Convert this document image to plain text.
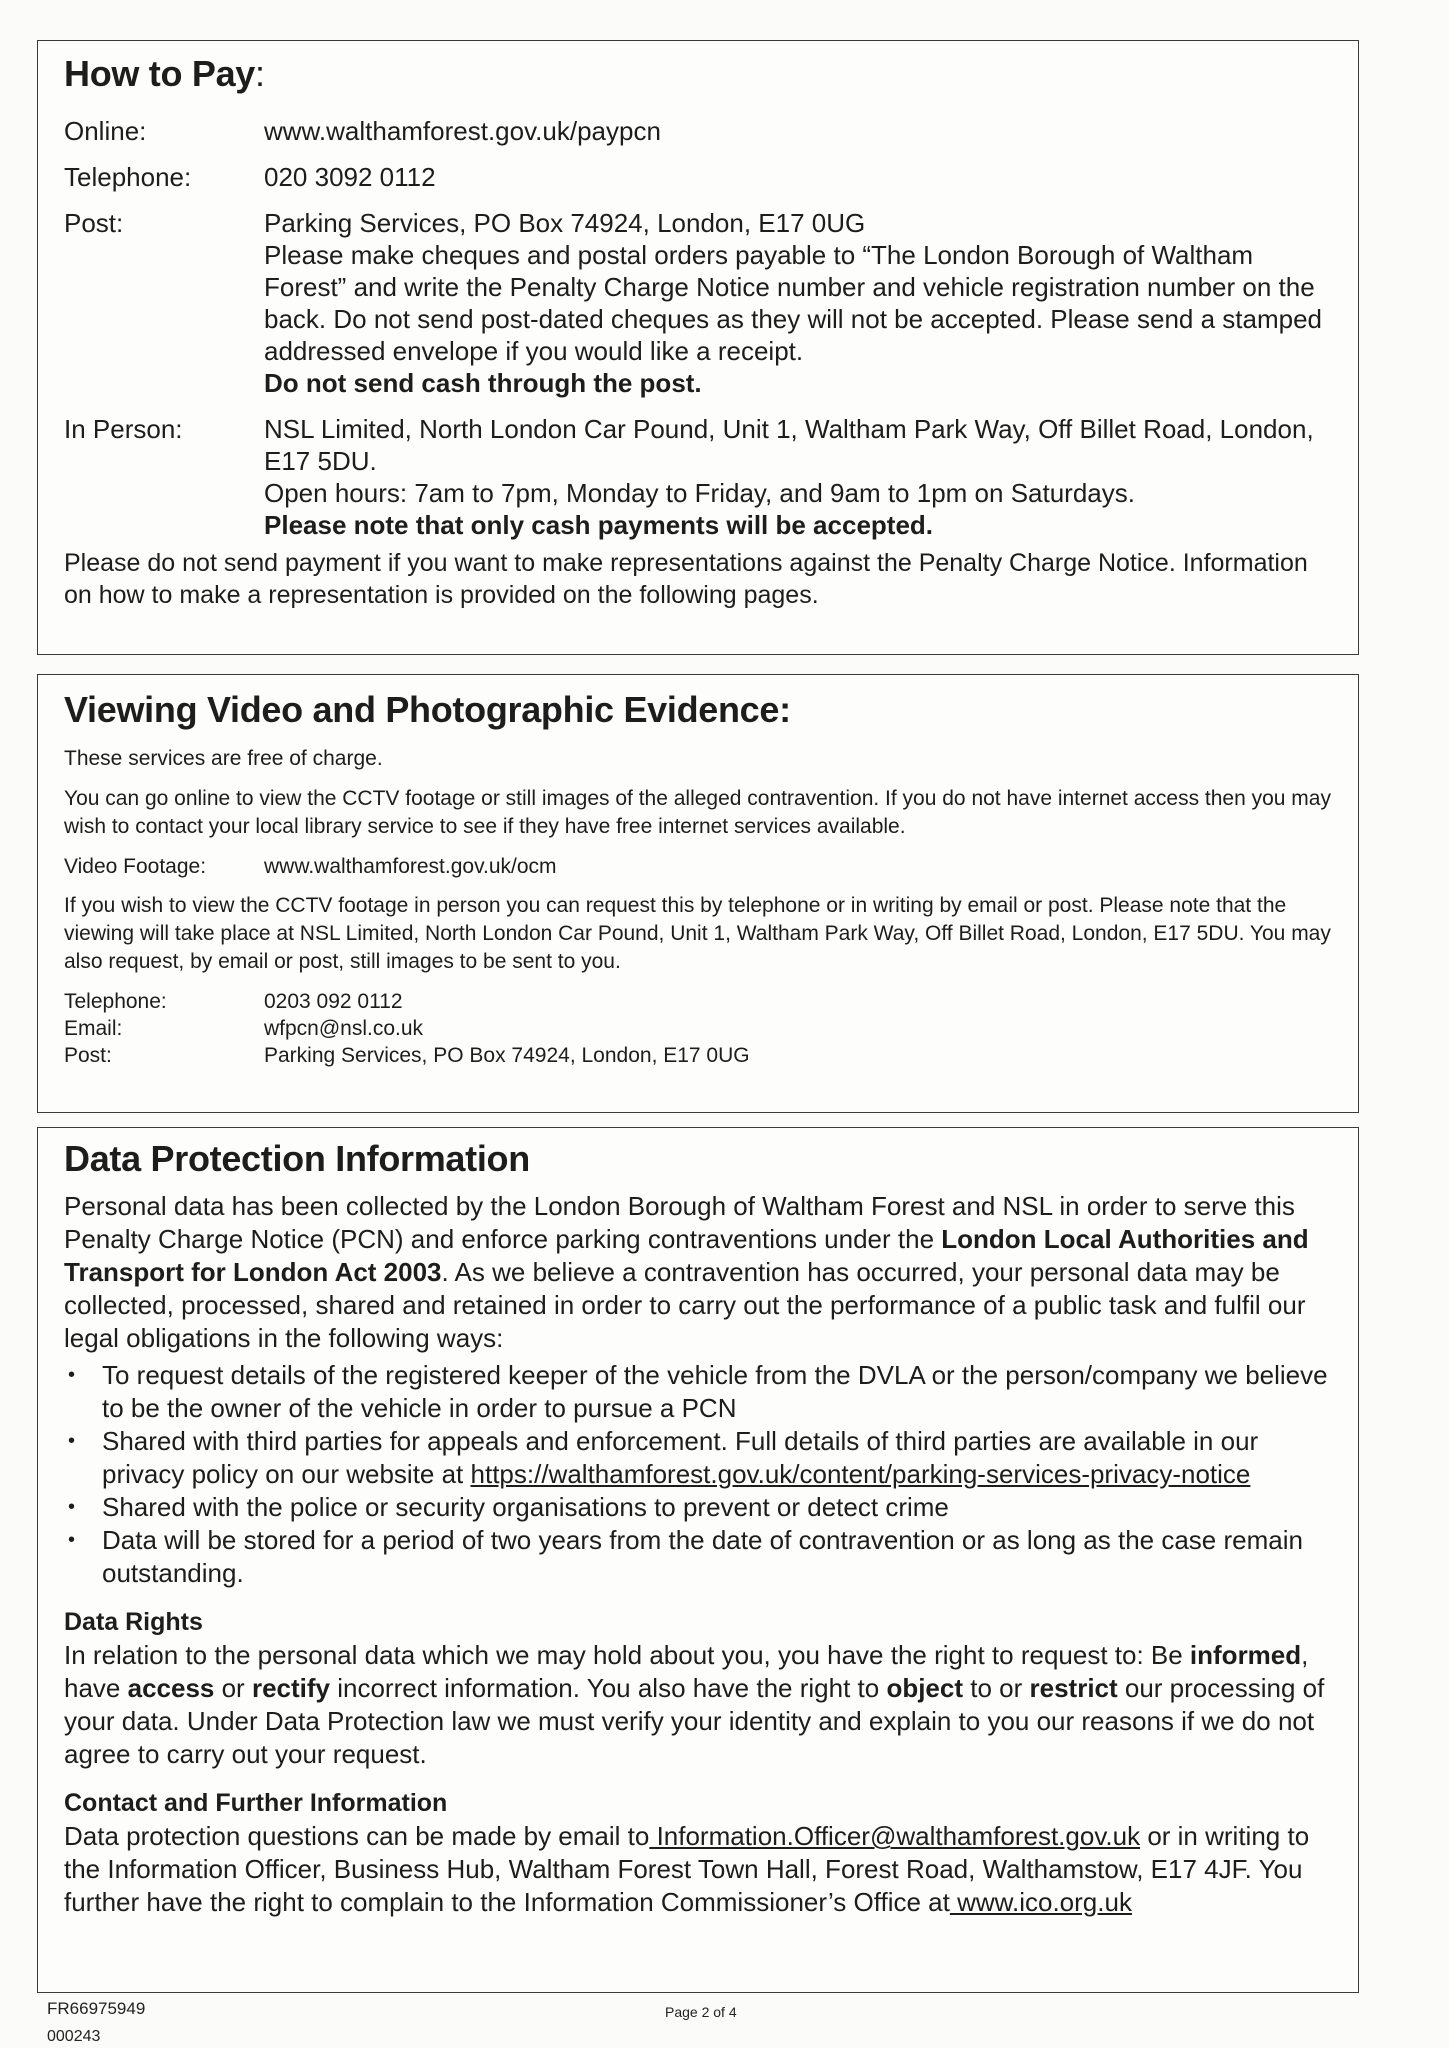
How to Pay:
Online:	www.walthamforest.gov.uk/paypcn
Telephone:	020 3092 0112
Post:	Parking Services, PO Box 74924, London, E17 0UG
Please make cheques and postal orders payable to “The London Borough of Waltham Forest” and write the Penalty Charge Notice number and vehicle registration number on the back. Do not send post-dated cheques as they will not be accepted. Please send a stamped addressed envelope if you would like a receipt.
Do not send cash through the post.
In Person:	NSL Limited, North London Car Pound, Unit 1, Waltham Park Way, Off Billet Road, London, E17 5DU.
Open hours: 7am to 7pm, Monday to Friday, and 9am to 1pm on Saturdays.
Please note that only cash payments will be accepted.
Please do not send payment if you want to make representations against the Penalty Charge Notice. Information on how to make a representation is provided on the following pages.
Viewing Video and Photographic Evidence:

These services are free of charge.

You can go online to view the CCTV footage or still images of the alleged contravention. If you do not have internet access then you may wish to contact your local library service to see if they have free internet services available.

Video Footage:	www.walthamforest.gov.uk/ocm

If you wish to view the CCTV footage in person you can request this by telephone or in writing by email or post. Please note that the viewing will take place at NSL Limited, North London Car Pound, Unit 1, Waltham Park Way, Off Billet Road, London, E17 5DU. You may also request, by email or post, still images to be sent to you.

Telephone:	0203 092 0112
Email:	wfpcn@nsl.co.uk
Post:	Parking Services, PO Box 74924, London, E17 0UG
Data Protection Information

Personal data has been collected by the London Borough of Waltham Forest and NSL in order to serve this Penalty Charge Notice (PCN) and enforce parking contraventions under the London Local Authorities and Transport for London Act 2003. As we believe a contravention has occurred, your personal data may be collected, processed, shared and retained in order to carry out the performance of a public task and fulfil our legal obligations in the following ways:

• To request details of the registered keeper of the vehicle from the DVLA or the person/company we believe to be the owner of the vehicle in order to pursue a PCN
• Shared with third parties for appeals and enforcement. Full details of third parties are available in our privacy policy on our website at https://walthamforest.gov.uk/content/parking-services-privacy-notice
• Shared with the police or security organisations to prevent or detect crime
• Data will be stored for a period of two years from the date of contravention or as long as the case remain outstanding.
Data Rights

In relation to the personal data which we may hold about you, you have the right to request to: Be informed, have access or rectify incorrect information. You also have the right to object to or restrict our processing of your data. Under Data Protection law we must verify your identity and explain to you our reasons if we do not agree to carry out your request.

Contact and Further Information

Data protection questions can be made by email to Information.Officer@walthamforest.gov.uk or in writing to the Information Officer, Business Hub, Waltham Forest Town Hall, Forest Road, Walthamstow, E17 4JF. You further have the right to complain to the Information Commissioner’s Office at www.ico.org.uk

FR66975949
000243
Page 2 of 4
